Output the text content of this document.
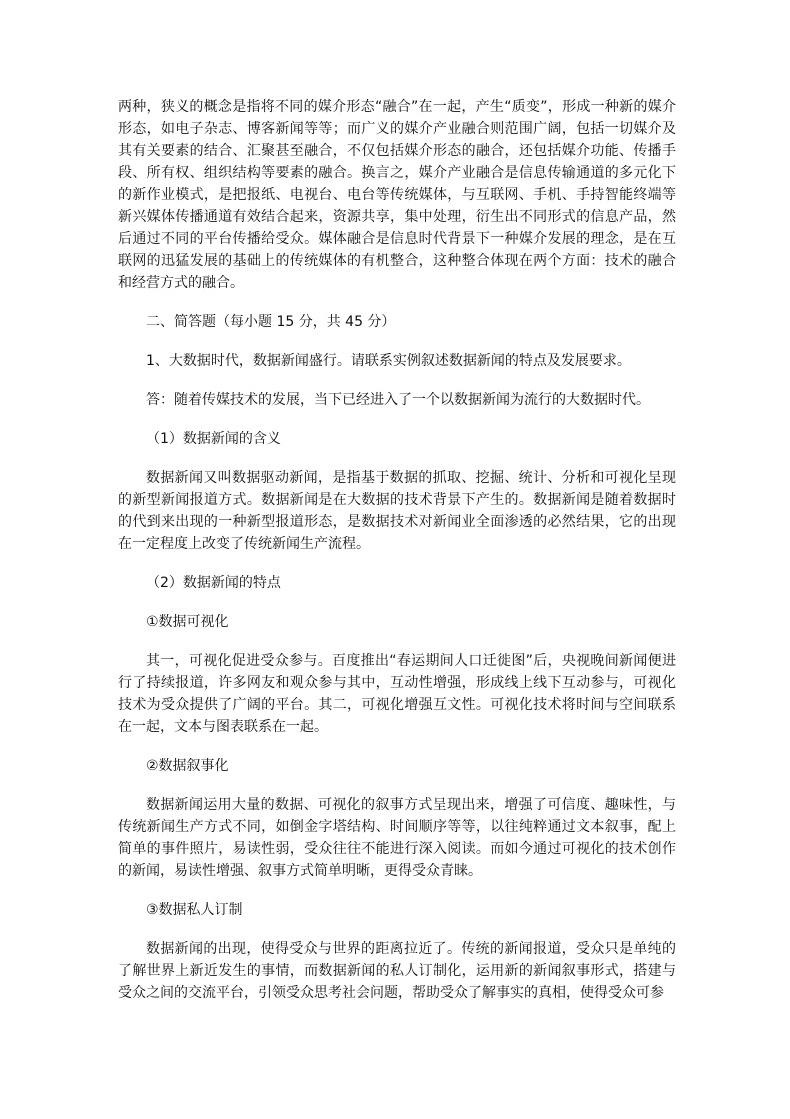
两种，狭义的概念是指将不同的媒介形态“融合”在一起，产生“质变”，形成一种新的媒介形态，如电子杂志、博客新闻等等；而广义的媒介产业融合则范围广阔，包括一切媒介及其有关要素的结合、汇聚甚至融合，不仅包括媒介形态的融合，还包括媒介功能、传播手段、所有权、组织结构等要素的融合。换言之，媒介产业融合是信息传输通道的多元化下的新作业模式，是把报纸、电视台、电台等传统媒体，与互联网、手机、手持智能终端等新兴媒体传播通道有效结合起来，资源共享，集中处理，衍生出不同形式的信息产品，然后通过不同的平台传播给受众。媒体融合是信息时代背景下一种媒介发展的理念，是在互联网的迅猛发展的基础上的传统媒体的有机整合，这种整合体现在两个方面：技术的融合和经营方式的融合。

二、简答题（每小题 15 分，共 45 分）

1、大数据时代，数据新闻盛行。请联系实例叙述数据新闻的特点及发展要求。

答：随着传媒技术的发展，当下已经进入了一个以数据新闻为流行的大数据时代。

（1）数据新闻的含义

数据新闻又叫数据驱动新闻，是指基于数据的抓取、挖掘、统计、分析和可视化呈现的新型新闻报道方式。数据新闻是在大数据的技术背景下产生的。数据新闻是随着数据时的代到来出现的一种新型报道形态，是数据技术对新闻业全面渗透的必然结果，它的出现在一定程度上改变了传统新闻生产流程。

（2）数据新闻的特点

①数据可视化

其一，可视化促进受众参与。百度推出“春运期间人口迁徙图”后，央视晚间新闻便进行了持续报道，许多网友和观众参与其中，互动性增强，形成线上线下互动参与，可视化技术为受众提供了广阔的平台。其二，可视化增强互文性。可视化技术将时间与空间联系在一起，文本与图表联系在一起。

②数据叙事化

数据新闻运用大量的数据、可视化的叙事方式呈现出来，增强了可信度、趣味性，与传统新闻生产方式不同，如倒金字塔结构、时间顺序等等，以往纯粹通过文本叙事，配上简单的事件照片，易读性弱，受众往往不能进行深入阅读。而如今通过可视化的技术创作的新闻，易读性增强、叙事方式简单明晰，更得受众青睐。

③数据私人订制

数据新闻的出现，使得受众与世界的距离拉近了。传统的新闻报道，受众只是单纯的了解世界上新近发生的事情，而数据新闻的私人订制化，运用新的新闻叙事形式，搭建与受众之间的交流平台，引领受众思考社会问题，帮助受众了解事实的真相，使得受众可参
